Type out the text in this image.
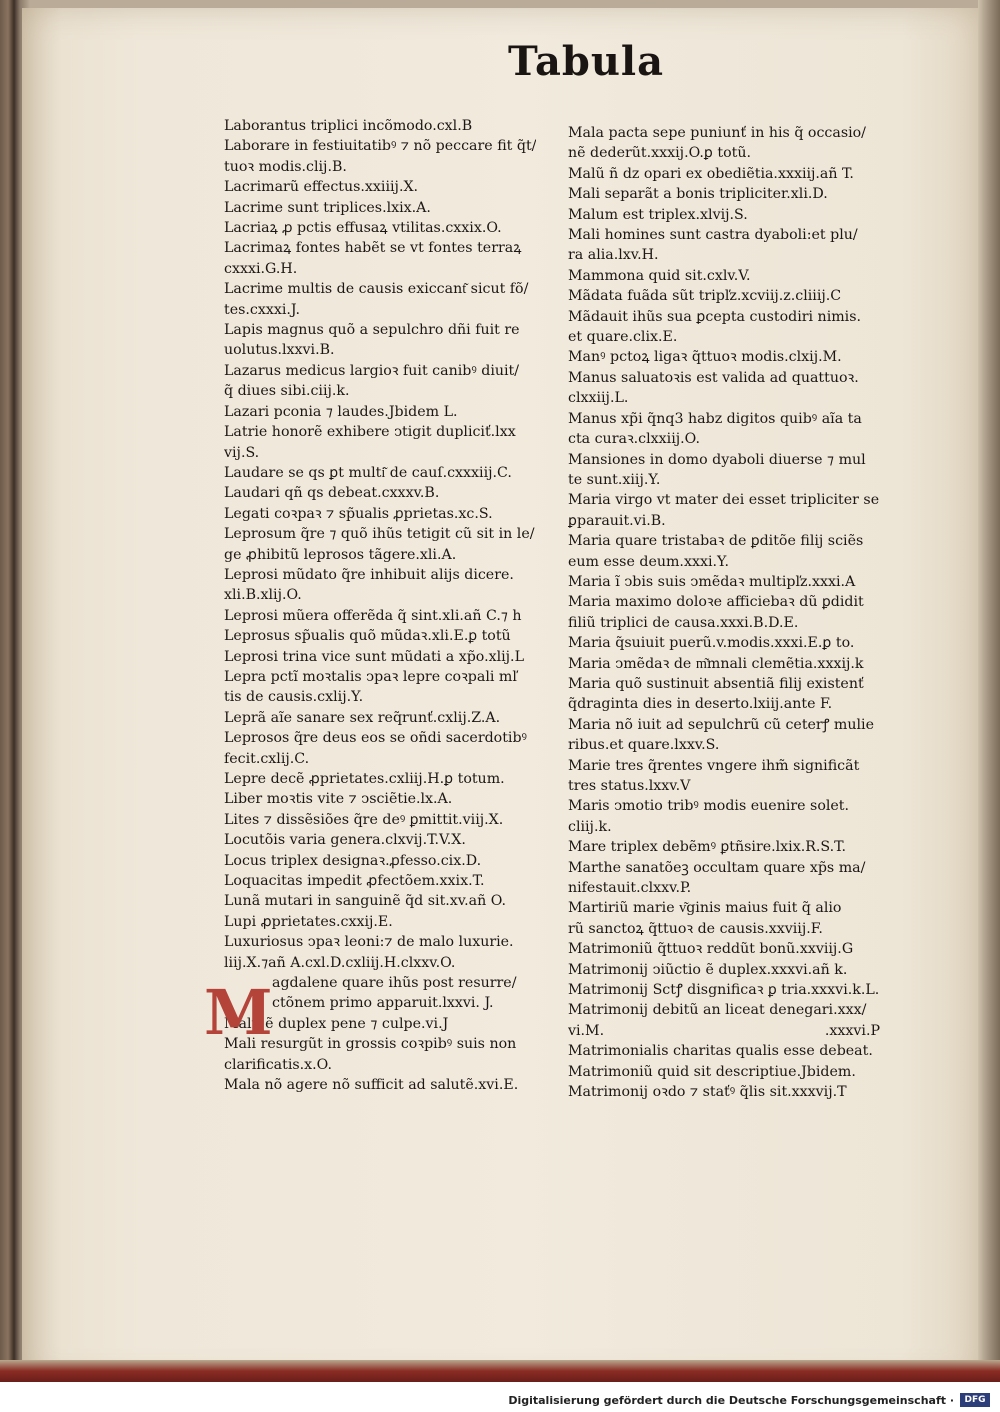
Tabula
Laborantus triplici incõmodo.cxl.B
Laborare in festiuitatibꝰ ⁊ nõ peccare fit q̃t/
tuoꝛ modis.clij.B.
Lacrimarũ effectus.xxiiij.X.
Lacrime sunt triplices.lxix.A.
Lacriaꝝ ꝓ pctis effusaꝝ vtilitas.cxxix.O.
Lacrimaꝝ fontes habẽt se vt fontes terraꝝ
cxxxi.G.H.
Lacrime multis de causis exiccant͂ sicut fõ/
tes.cxxxi.J.
Lapis magnus quõ a sepulchro dñi fuit re
uolutus.lxxvi.B.
Lazarus medicus largioꝛ fuit canibꝰ diuit/
q̃ diues sibi.ciij.k.
Lazari pconia ⁊ laudes.Jbidem L.
Latrie honorẽ exhibere ↄtigit dupliciť.lxx
vij.S.
Laudare se qs ꝑt multi͂ de cauſ.cxxxiij.C.
Laudari qñ qs debeat.cxxxv.B.
Legati coꝛpaꝛ ⁊ sp̃ualis ꝓprietas.xc.S.
Leprosum q̃re ⁊ quõ ihũs tetigit cũ sit in le/
ge ꝓhibitũ leprosos tãgere.xli.A.
Leprosi mũdato q̃re inhibuit alijs dicere.
xli.B.xlij.O.
Leprosi mũera offerẽda q̃ sint.xli.añ C.⁊ h
Leprosus sp̃ualis quõ mũdaꝛ.xli.E.ꝑ totũ
Leprosi trina vice sunt mũdati a xp̃o.xlij.L
Lepra pctĩ moꝛtalis ↄpaꝛ lepre coꝛpali mľ
tis de causis.cxlij.Y.
Leprã aĩe sanare sex req̃runť.cxlij.Z.A.
Leprosos q̃re deus eos se oñdi sacerdotibꝰ
fecit.cxlij.C.
Lepre decẽ ꝓprietates.cxliij.H.ꝑ totum.
Liber moꝛtis vite ⁊ ↄsciẽtie.lx.A.
Lites ⁊ dissẽsiões q̃re deꝰ ꝑmittit.viij.X.
Locutõis varia genera.clxvij.T.V.X.
Locus triplex designaꝛ.ꝓfesso.cix.D.
Loquacitas impedit ꝓfectõem.xxix.T.
Lunã mutari in sanguinẽ q̃d sit.xv.añ O.
Lupi ꝓprietates.cxxij.E.
Luxuriosus ↄpaꝛ leoni:⁊ de malo luxurie.
liij.X.⁊añ A.cxl.D.cxliij.H.clxxv.O.
agdalene quare ihũs post resurre/
ctõnem primo apparuit.lxxvi. J.
Malũ ẽ duplex pene ⁊ culpe.vi.J
Mali resurgũt in grossis coꝛpibꝰ suis non
clarificatis.x.O.
Mala nõ agere nõ sufficit ad salutẽ.xvi.E.
Mala pacta sepe puniunť in his q̃ occasio/
nẽ dederũt.xxxij.O.ꝑ totũ.
Malũ ñ dz opari ex obediẽtia.xxxiij.añ T.
Mali separãt a bonis tripliciter.xli.D.
Malum est triplex.xlvij.S.
Mali homines sunt castra dyaboli:et plu/
ra alia.lxv.H.
Mammona quid sit.cxlv.V.
Mãdata fuãda sũt tripľz.xcviij.z.cliiij.C
Mãdauit ihũs sua ꝑcepta custodiri nimis.
et quare.clix.E.
Manꝰ pctoꝝ ligaꝛ q̃ttuoꝛ modis.clxij.M.
Manus saluatoꝛis est valida ad quattuoꝛ.
clxxiij.L.
Manus xp̃i q̃nq3 habz digitos quibꝰ aĩa ta
cta curaꝛ.clxxiij.O.
Mansiones in domo dyaboli diuerse ⁊ mul
te sunt.xiij.Y.
Maria virgo vt mater dei esset tripliciter se
ꝑparauit.vi.B.
Maria quare tristabaꝛ de ꝑditõe filij sciẽs
eum esse deum.xxxi.Y.
Maria ĩ ↄbis suis ↄmẽdaꝛ multipľz.xxxi.A
Maria maximo doloꝛe afficiebaꝛ dũ ꝑdidit
filiũ triplici de causa.xxxi.B.D.E.
Maria q̃suiuit puerũ.v.modis.xxxi.E.ꝑ to.
Maria ↄmẽdaꝛ de m͂mnali clemẽtia.xxxij.k
Maria quõ sustinuit absentiã filij existenť
q̃draginta dies in deserto.lxiij.ante F.
Maria nõ iuit ad sepulchrũ cũ ceterꝭ mulie
ribus.et quare.lxxv.S.
Marie tres q̃rentes vngere ihm̃ significãt
tres status.lxxv.V
Maris ↄmotio tribꝰ modis euenire solet.
cliij.k.
Mare triplex debẽmꝰ ꝑtñsire.lxix.R.S.T.
Marthe sanatõeꝫ occultam quare xp̃s ma/
nifestauit.clxxv.P.
Martiriũ marie v͂ginis maius fuit q̃ alio
rũ sanctoꝝ q̃ttuoꝛ de causis.xxviij.F.
Matrimoniũ q̃ttuoꝛ reddũt bonũ.xxviij.G
Matrimonij ↄiũctio ẽ duplex.xxxvi.añ k.
Matrimonij Sctꝭ disgnificaꝛ ꝑ tria.xxxvi.k.L.
Matrimonij debitũ an liceat denegari.xxx/
vi.M.
Matrimonialis charitas qualis esse debeat.
Matrimoniũ quid sit descriptiue.Jbidem.
Matrimonij oꝛdo ⁊ staťꝰ q̃lis sit.xxxvij.T
.xxxvi.P
M
Digitalisierung gefördert durch die Deutsche Forschungsgemeinschaft ·	DFG
